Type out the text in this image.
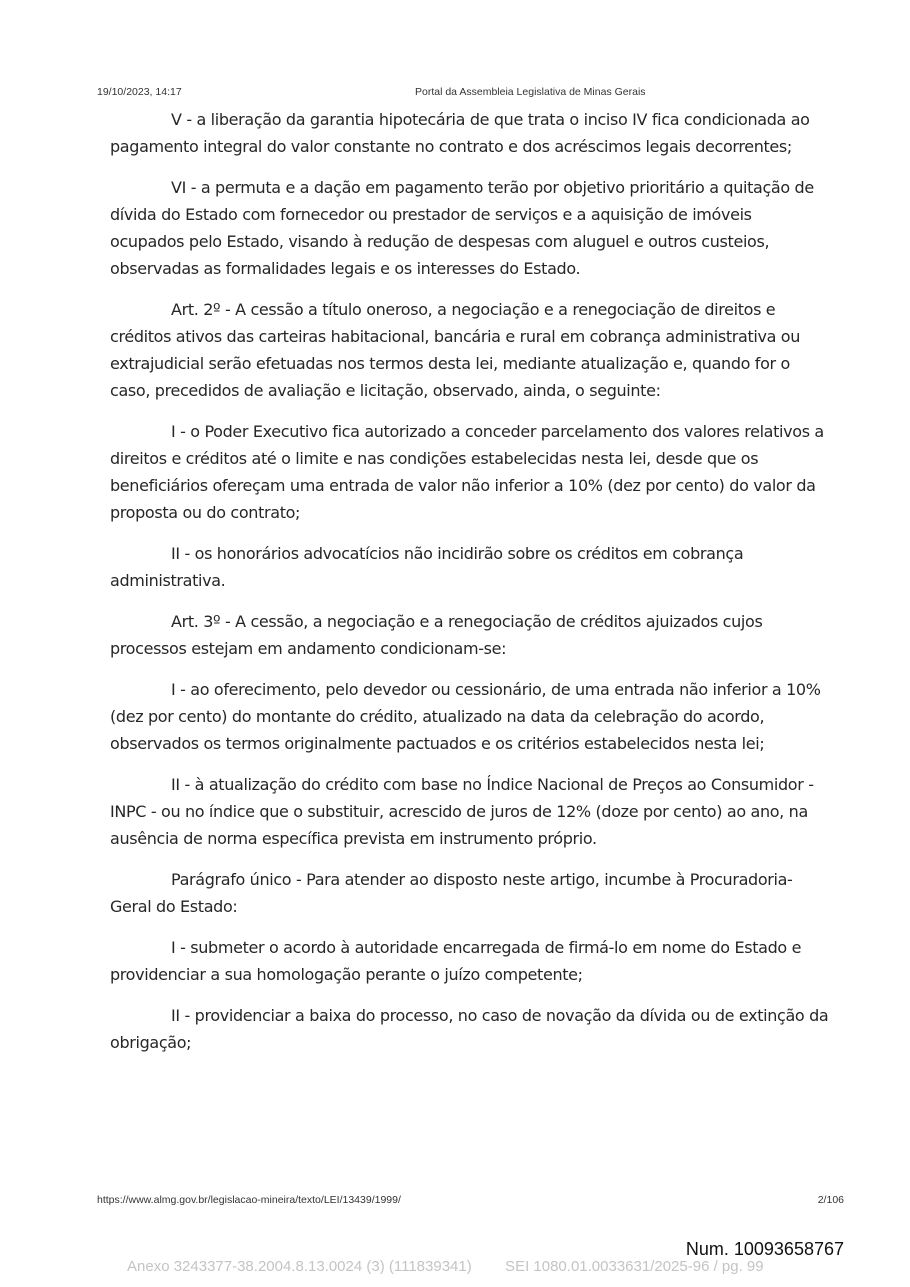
19/10/2023, 14:17	Portal da Assembleia Legislativa de Minas Gerais

V - a liberação da garantia hipotecária de que trata o inciso IV fica condicionada ao pagamento integral do valor constante no contrato e dos acréscimos legais decorrentes;

VI - a permuta e a dação em pagamento terão por objetivo prioritário a quitação de dívida do Estado com fornecedor ou prestador de serviços e a aquisição de imóveis ocupados pelo Estado, visando à redução de despesas com aluguel e outros custeios, observadas as formalidades legais e os interesses do Estado.

Art. 2º - A cessão a título oneroso, a negociação e a renegociação de direitos e créditos ativos das carteiras habitacional, bancária e rural em cobrança administrativa ou extrajudicial serão efetuadas nos termos desta lei, mediante atualização e, quando for o caso, precedidos de avaliação e licitação, observado, ainda, o seguinte:

I - o Poder Executivo fica autorizado a conceder parcelamento dos valores relativos a direitos e créditos até o limite e nas condições estabelecidas nesta lei, desde que os beneficiários ofereçam uma entrada de valor não inferior a 10% (dez por cento) do valor da proposta ou do contrato;

II - os honorários advocatícios não incidirão sobre os créditos em cobrança administrativa.

Art. 3º - A cessão, a negociação e a renegociação de créditos ajuizados cujos processos estejam em andamento condicionam-se:

I - ao oferecimento, pelo devedor ou cessionário, de uma entrada não inferior a 10% (dez por cento) do montante do crédito, atualizado na data da celebração do acordo, observados os termos originalmente pactuados e os critérios estabelecidos nesta lei;

II - à atualização do crédito com base no Índice Nacional de Preços ao Consumidor - INPC - ou no índice que o substituir, acrescido de juros de 12% (doze por cento) ao ano, na ausência de norma específica prevista em instrumento próprio.

Parágrafo único - Para atender ao disposto neste artigo, incumbe à Procuradoria-Geral do Estado:

I - submeter o acordo à autoridade encarregada de firmá-lo em nome do Estado e providenciar a sua homologação perante o juízo competente;

II - providenciar a baixa do processo, no caso de novação da dívida ou de extinção da obrigação;

https://www.almg.gov.br/legislacao-mineira/texto/LEI/13439/1999/	2/106
Num. 10093658767
Anexo 3243377-38.2004.8.13.0024 (3) (111839341)        SEI 1080.01.0033631/2025-96 / pg. 99
